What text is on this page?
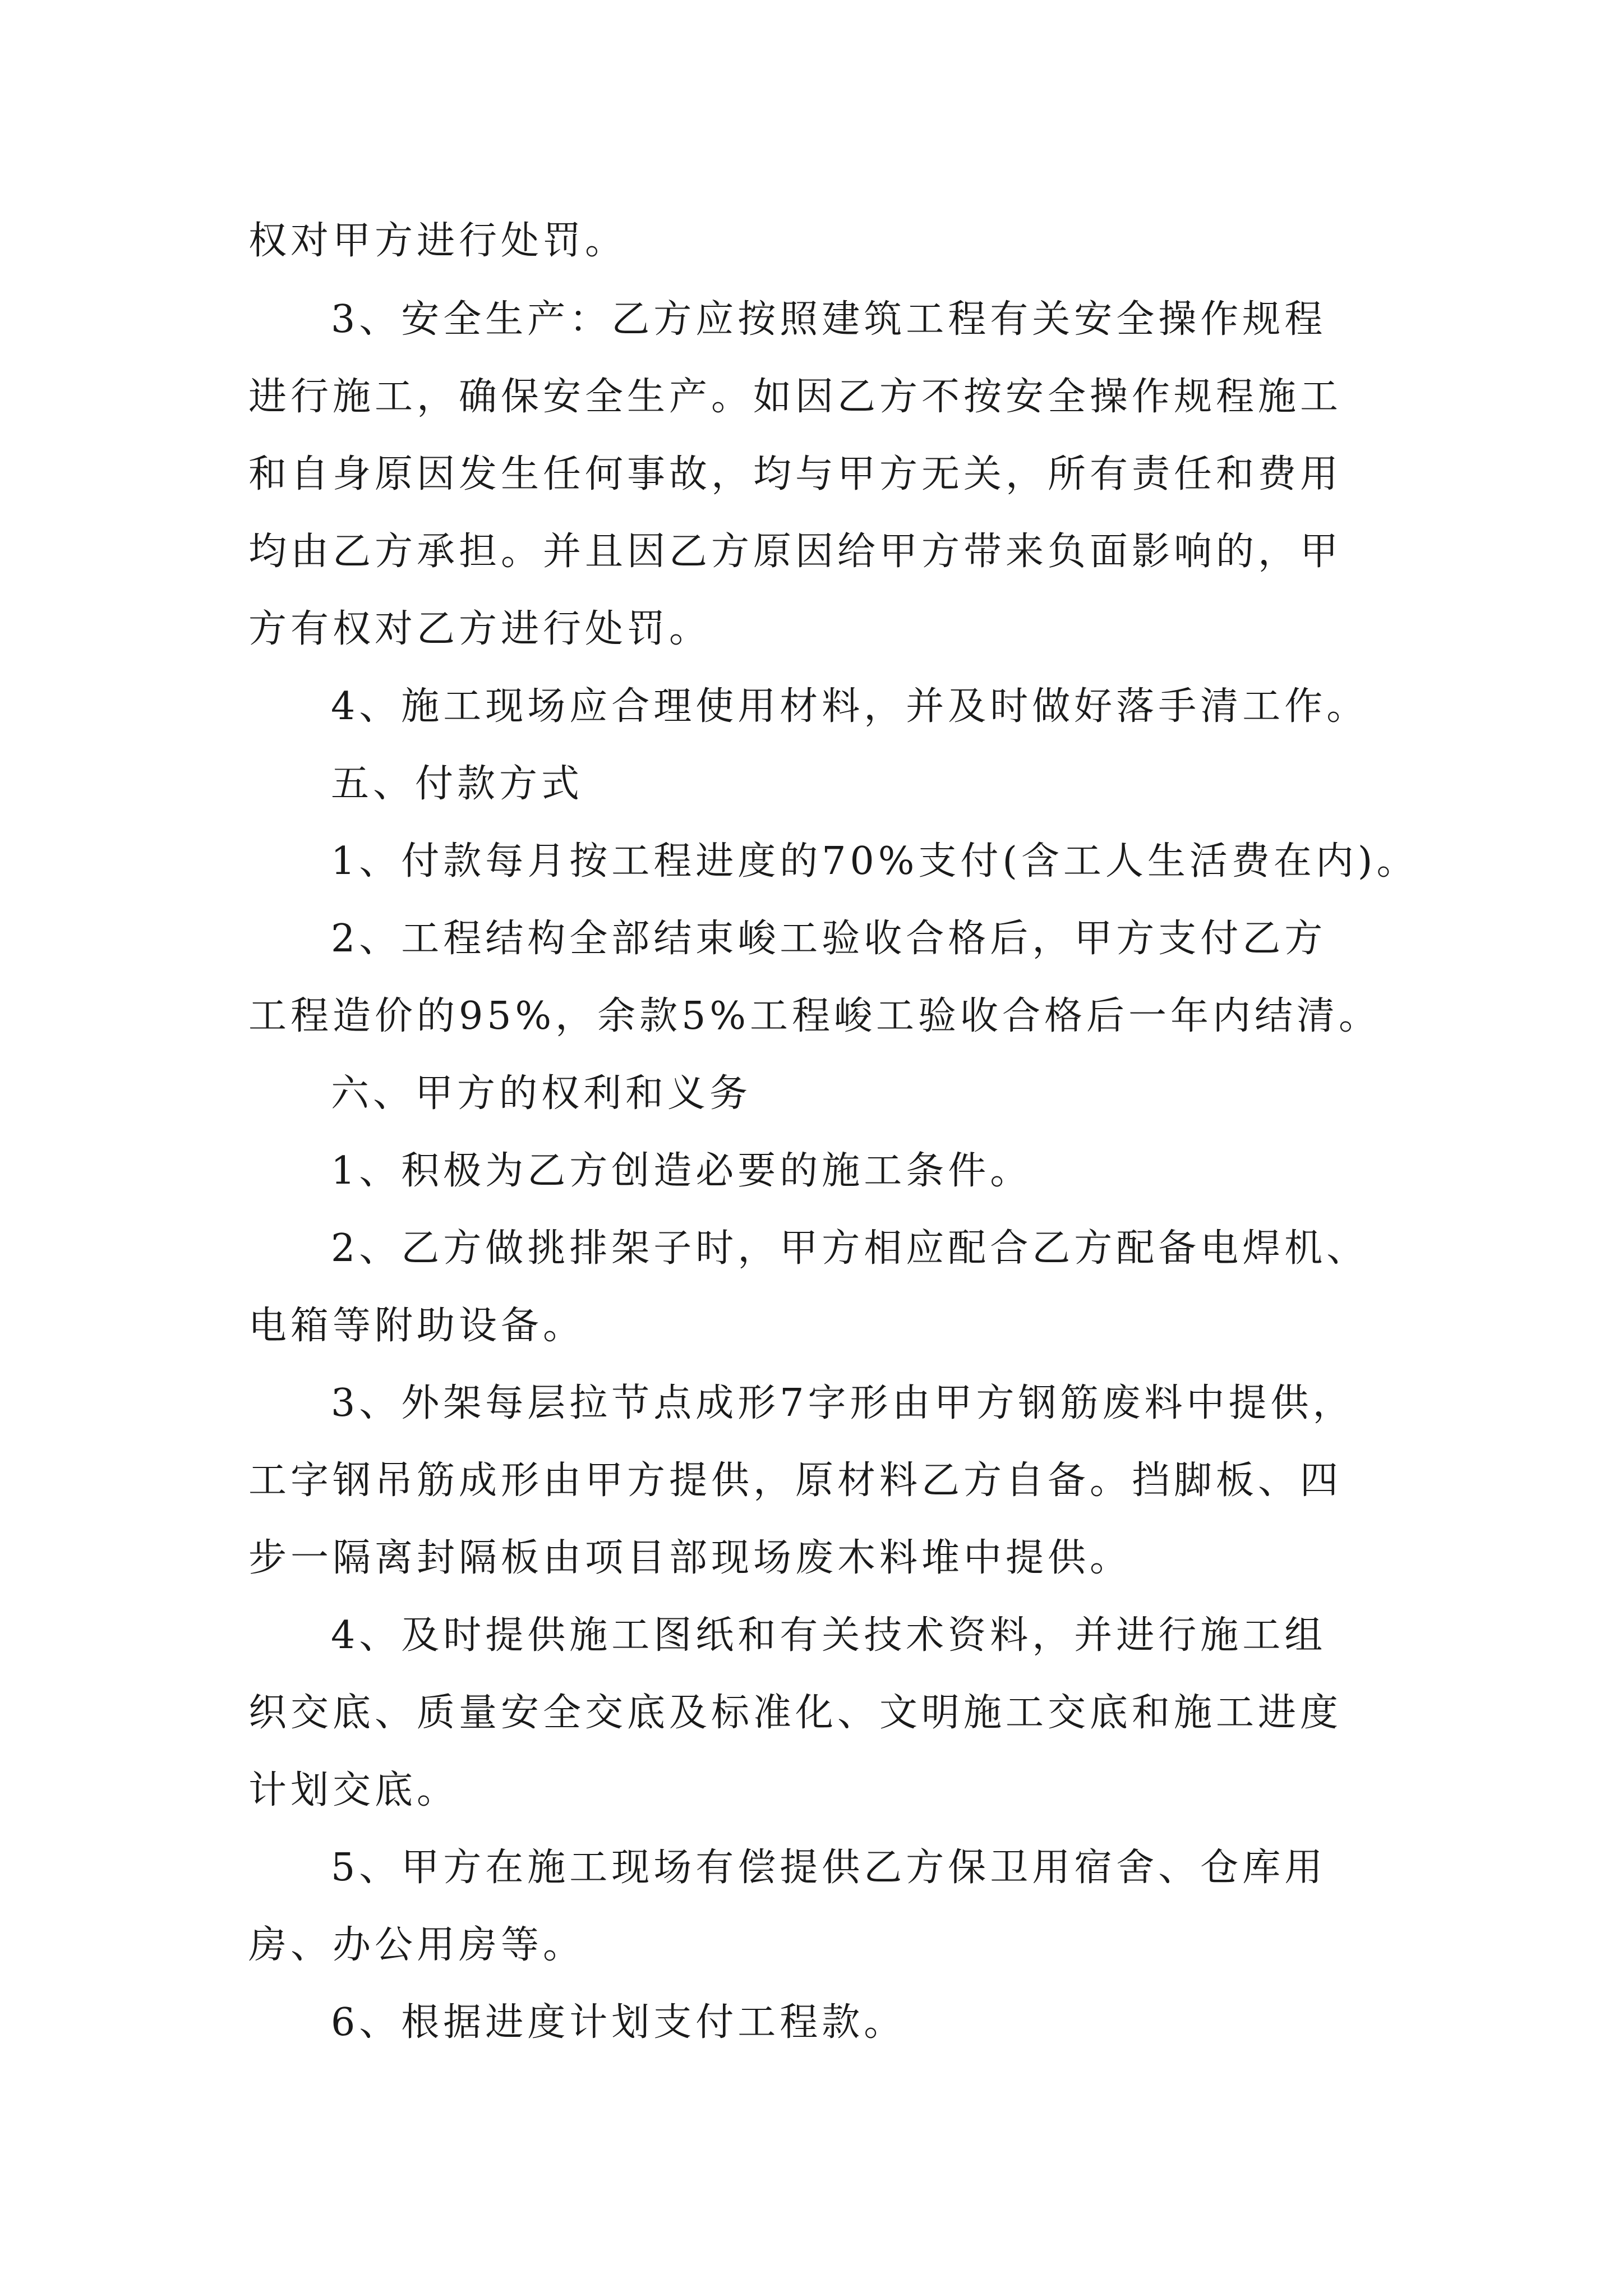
权对甲方进行处罚。
3、安全生产：乙方应按照建筑工程有关安全操作规程
进行施工，确保安全生产。如因乙方不按安全操作规程施工
和自身原因发生任何事故，均与甲方无关，所有责任和费用
均由乙方承担。并且因乙方原因给甲方带来负面影响的，甲
方有权对乙方进行处罚。
4、施工现场应合理使用材料，并及时做好落手清工作。
五、付款方式
1、付款每月按工程进度的70%支付(含工人生活费在内)。
2、工程结构全部结束峻工验收合格后，甲方支付乙方
工程造价的95%，余款5%工程峻工验收合格后一年内结清。
六、甲方的权利和义务
1、积极为乙方创造必要的施工条件。
2、乙方做挑排架子时，甲方相应配合乙方配备电焊机、
电箱等附助设备。
3、外架每层拉节点成形7字形由甲方钢筋废料中提供，
工字钢吊筋成形由甲方提供，原材料乙方自备。挡脚板、四
步一隔离封隔板由项目部现场废木料堆中提供。
4、及时提供施工图纸和有关技术资料，并进行施工组
织交底、质量安全交底及标准化、文明施工交底和施工进度
计划交底。
5、甲方在施工现场有偿提供乙方保卫用宿舍、仓库用
房、办公用房等。
6、根据进度计划支付工程款。
